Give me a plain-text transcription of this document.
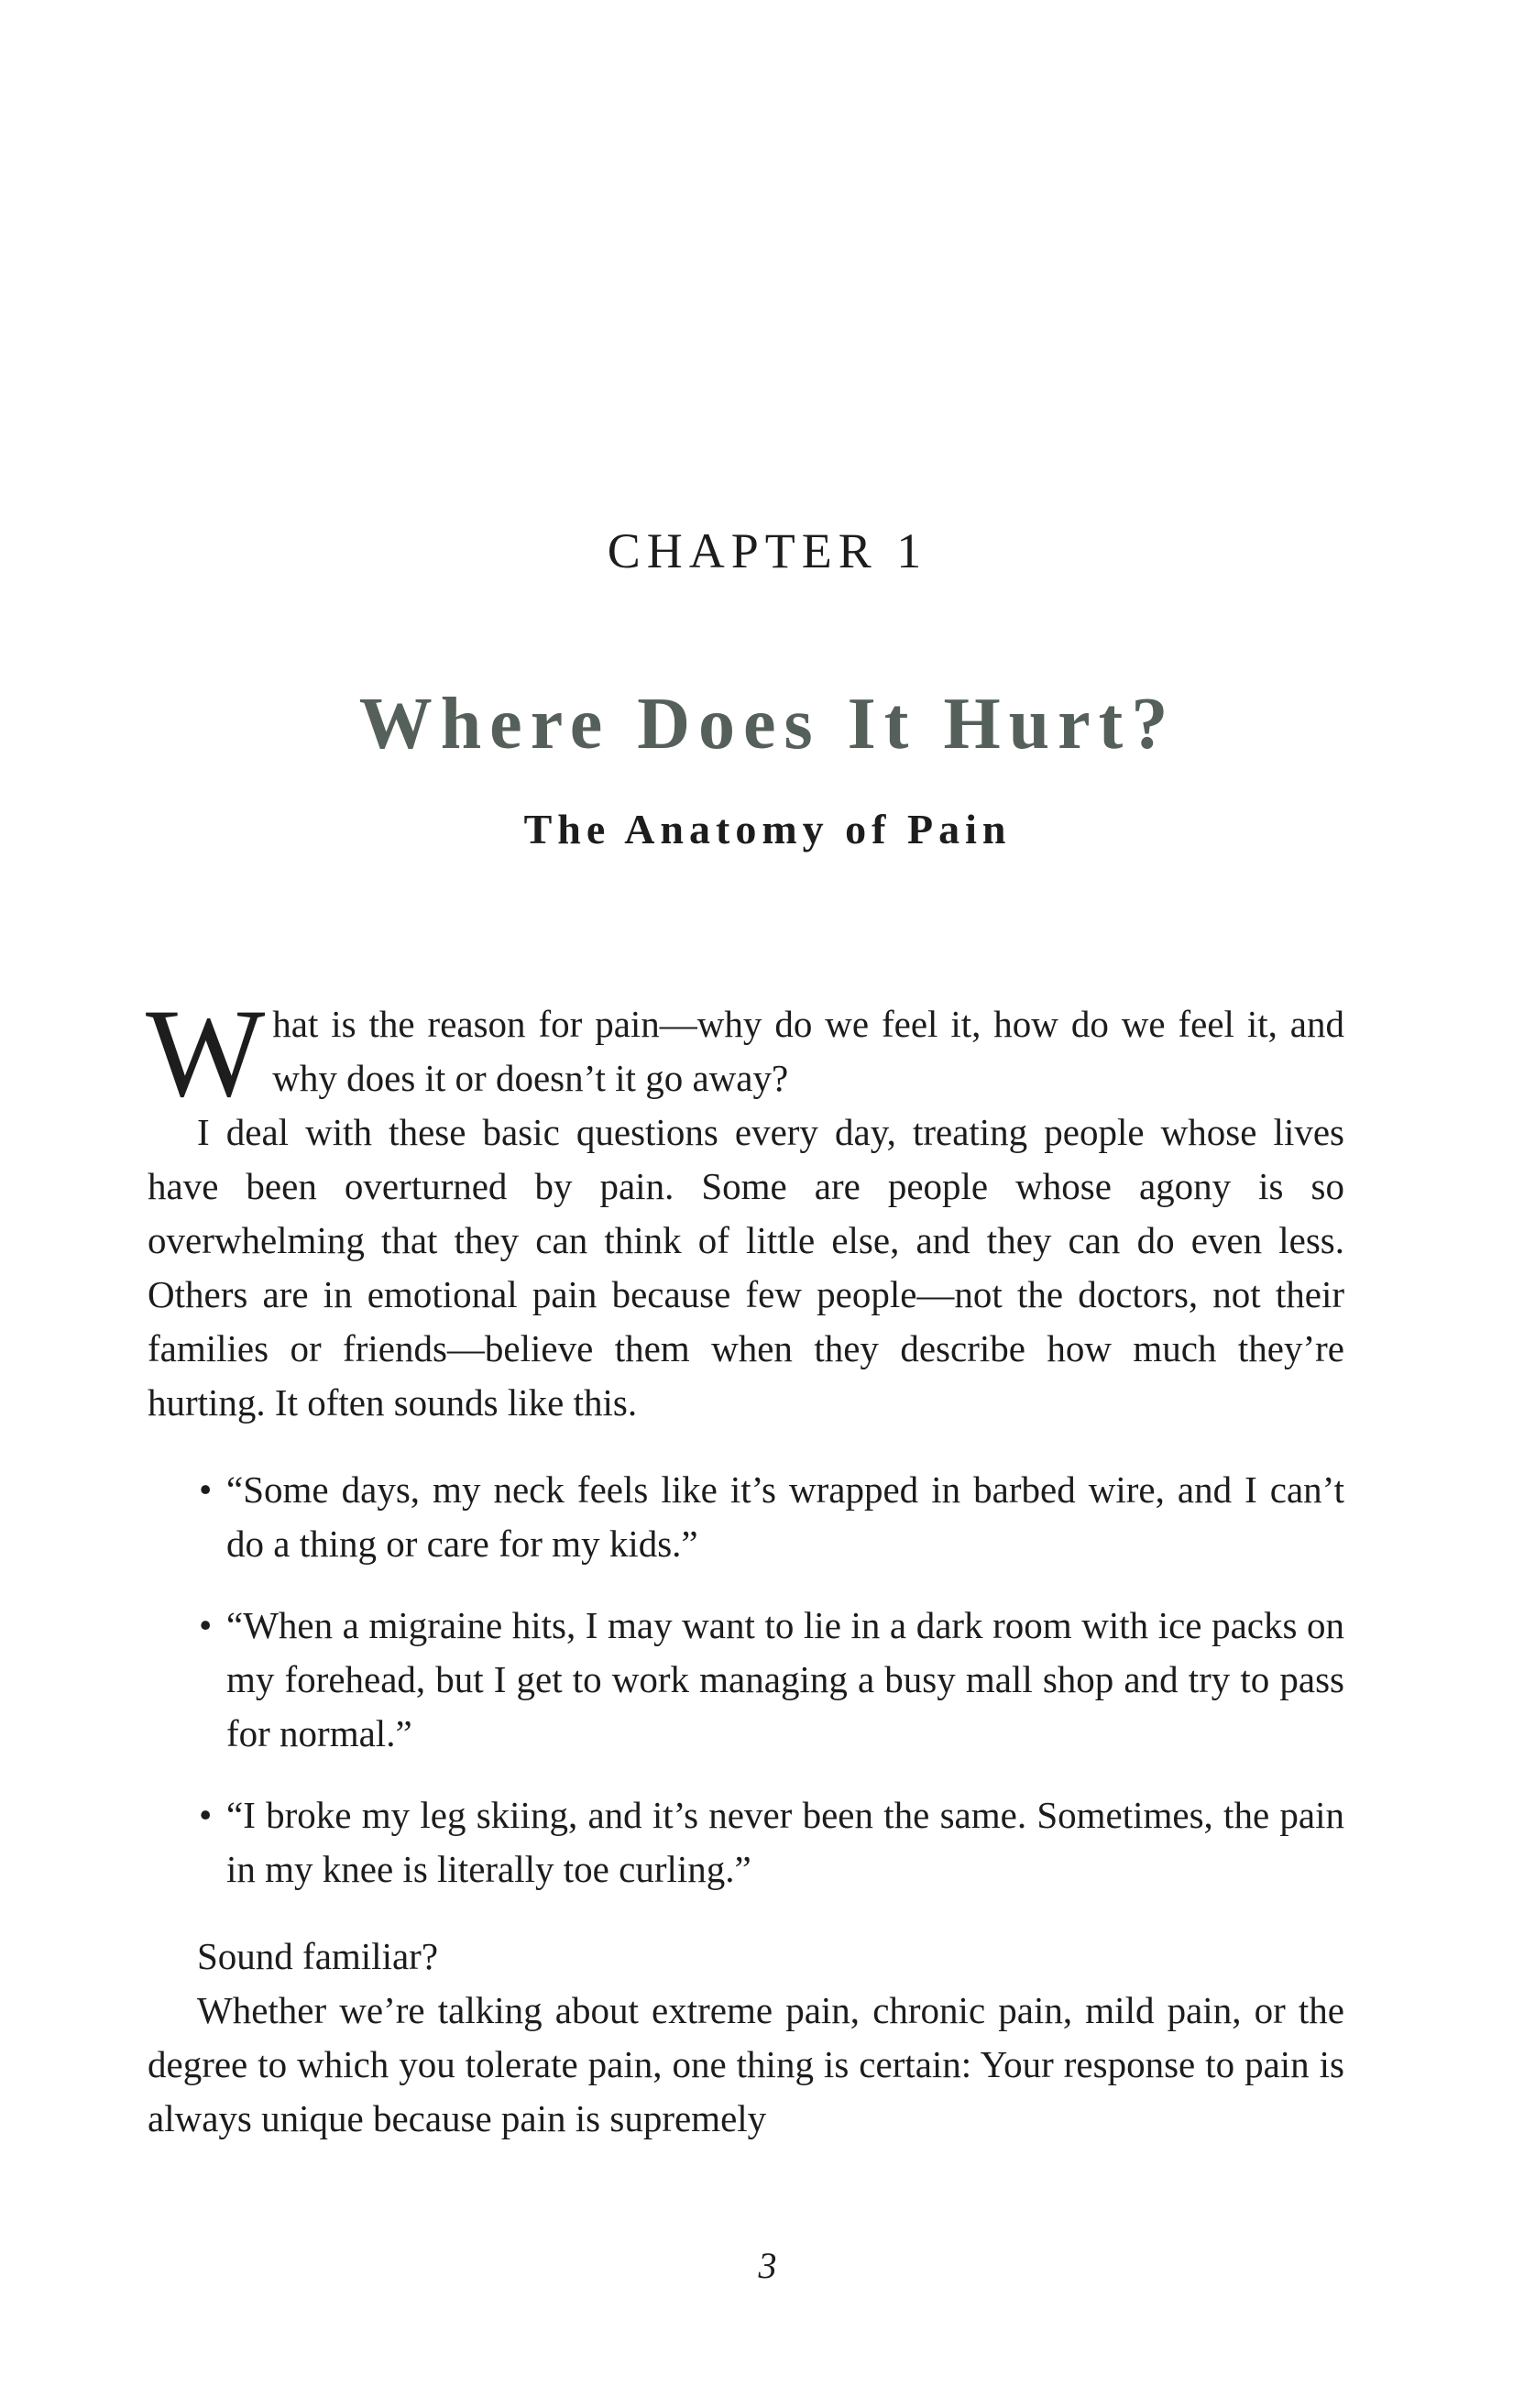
CHAPTER 1
Where Does It Hurt?
The Anatomy of Pain

What is the reason for pain—why do we feel it, how do we feel it, and why does it or doesn’t it go away?

I deal with these basic questions every day, treating people whose lives have been overturned by pain. Some are people whose agony is so overwhelming that they can think of little else, and they can do even less. Others are in emotional pain because few people—not the doctors, not their families or friends—believe them when they describe how much they’re hurting. It often sounds like this.

• “Some days, my neck feels like it’s wrapped in barbed wire, and I can’t do a thing or care for my kids.”
• “When a migraine hits, I may want to lie in a dark room with ice packs on my forehead, but I get to work managing a busy mall shop and try to pass for normal.”
• “I broke my leg skiing, and it’s never been the same. Sometimes, the pain in my knee is literally toe curling.”

Sound familiar?

Whether we’re talking about extreme pain, chronic pain, mild pain, or the degree to which you tolerate pain, one thing is certain: Your response to pain is always unique because pain is supremely

3
